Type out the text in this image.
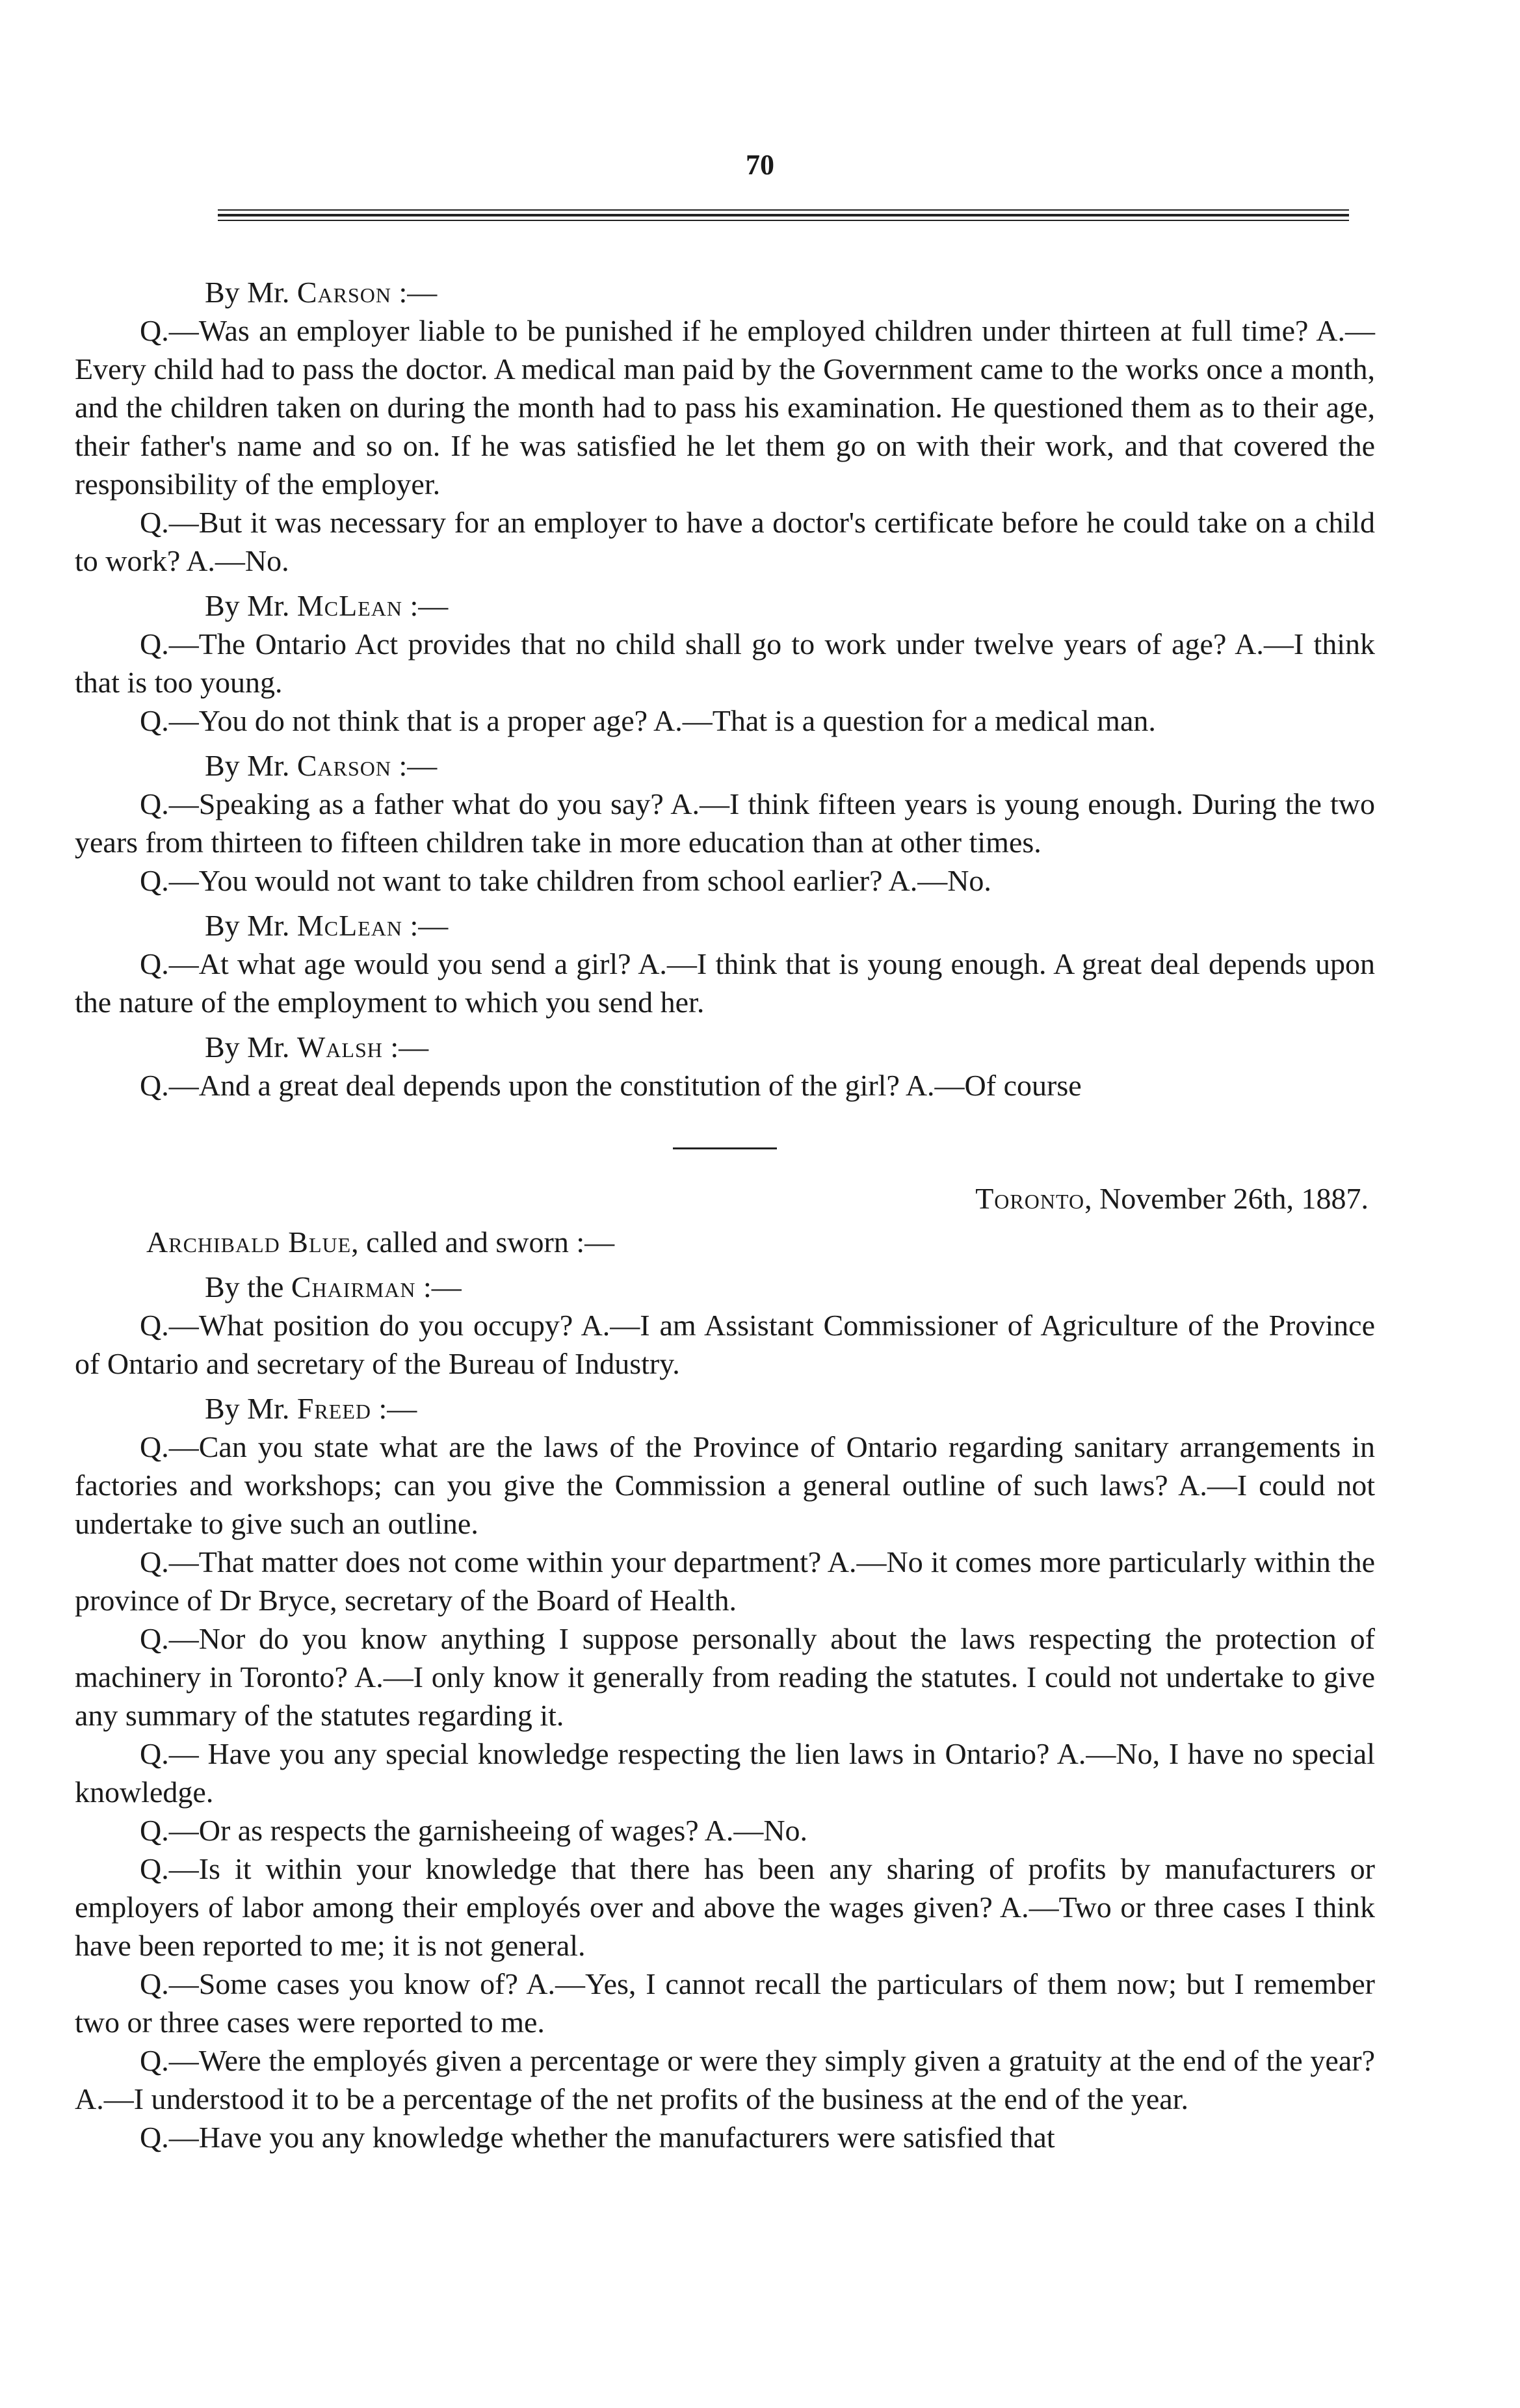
70

By Mr. Carson :—

Q.—Was an employer liable to be punished if he employed children under thirteen at full time? A.—Every child had to pass the doctor. A medical man paid by the Government came to the works once a month, and the children taken on during the month had to pass his examination. He questioned them as to their age, their father's name and so on. If he was satisfied he let them go on with their work, and that covered the responsibility of the employer.

Q.—But it was necessary for an employer to have a doctor's certificate before he could take on a child to work? A.—No.

By Mr. McLean :—

Q.—The Ontario Act provides that no child shall go to work under twelve years of age? A.—I think that is too young.

Q.—You do not think that is a proper age? A.—That is a question for a medical man.

By Mr. Carson :—

Q.—Speaking as a father what do you say? A.—I think fifteen years is young enough. During the two years from thirteen to fifteen children take in more education than at other times.

Q.—You would not want to take children from school earlier? A.—No.

By Mr. McLean :—

Q.—At what age would you send a girl? A.—I think that is young enough. A great deal depends upon the nature of the employment to which you send her.

By Mr. Walsh :—

Q.—And a great deal depends upon the constitution of the girl? A.—Of course

Toronto, November 26th, 1887.

Archibald Blue, called and sworn :—

By the Chairman :—

Q.—What position do you occupy? A.—I am Assistant Commissioner of Agriculture of the Province of Ontario and secretary of the Bureau of Industry.

By Mr. Freed :—

Q.—Can you state what are the laws of the Province of Ontario regarding sanitary arrangements in factories and workshops; can you give the Commission a general outline of such laws? A.—I could not undertake to give such an outline.

Q.—That matter does not come within your department? A.—No it comes more particularly within the province of Dr Bryce, secretary of the Board of Health.

Q.—Nor do you know anything I suppose personally about the laws respecting the protection of machinery in Toronto? A.—I only know it generally from reading the statutes. I could not undertake to give any summary of the statutes regarding it.

Q.— Have you any special knowledge respecting the lien laws in Ontario? A.—No, I have no special knowledge.

Q.—Or as respects the garnisheeing of wages? A.—No.

Q.—Is it within your knowledge that there has been any sharing of profits by manufacturers or employers of labor among their employés over and above the wages given? A.—Two or three cases I think have been reported to me; it is not general.

Q.—Some cases you know of? A.—Yes, I cannot recall the particulars of them now; but I remember two or three cases were reported to me.

Q.—Were the employés given a percentage or were they simply given a gratuity at the end of the year? A.—I understood it to be a percentage of the net profits of the business at the end of the year.

Q.—Have you any knowledge whether the manufacturers were satisfied that
